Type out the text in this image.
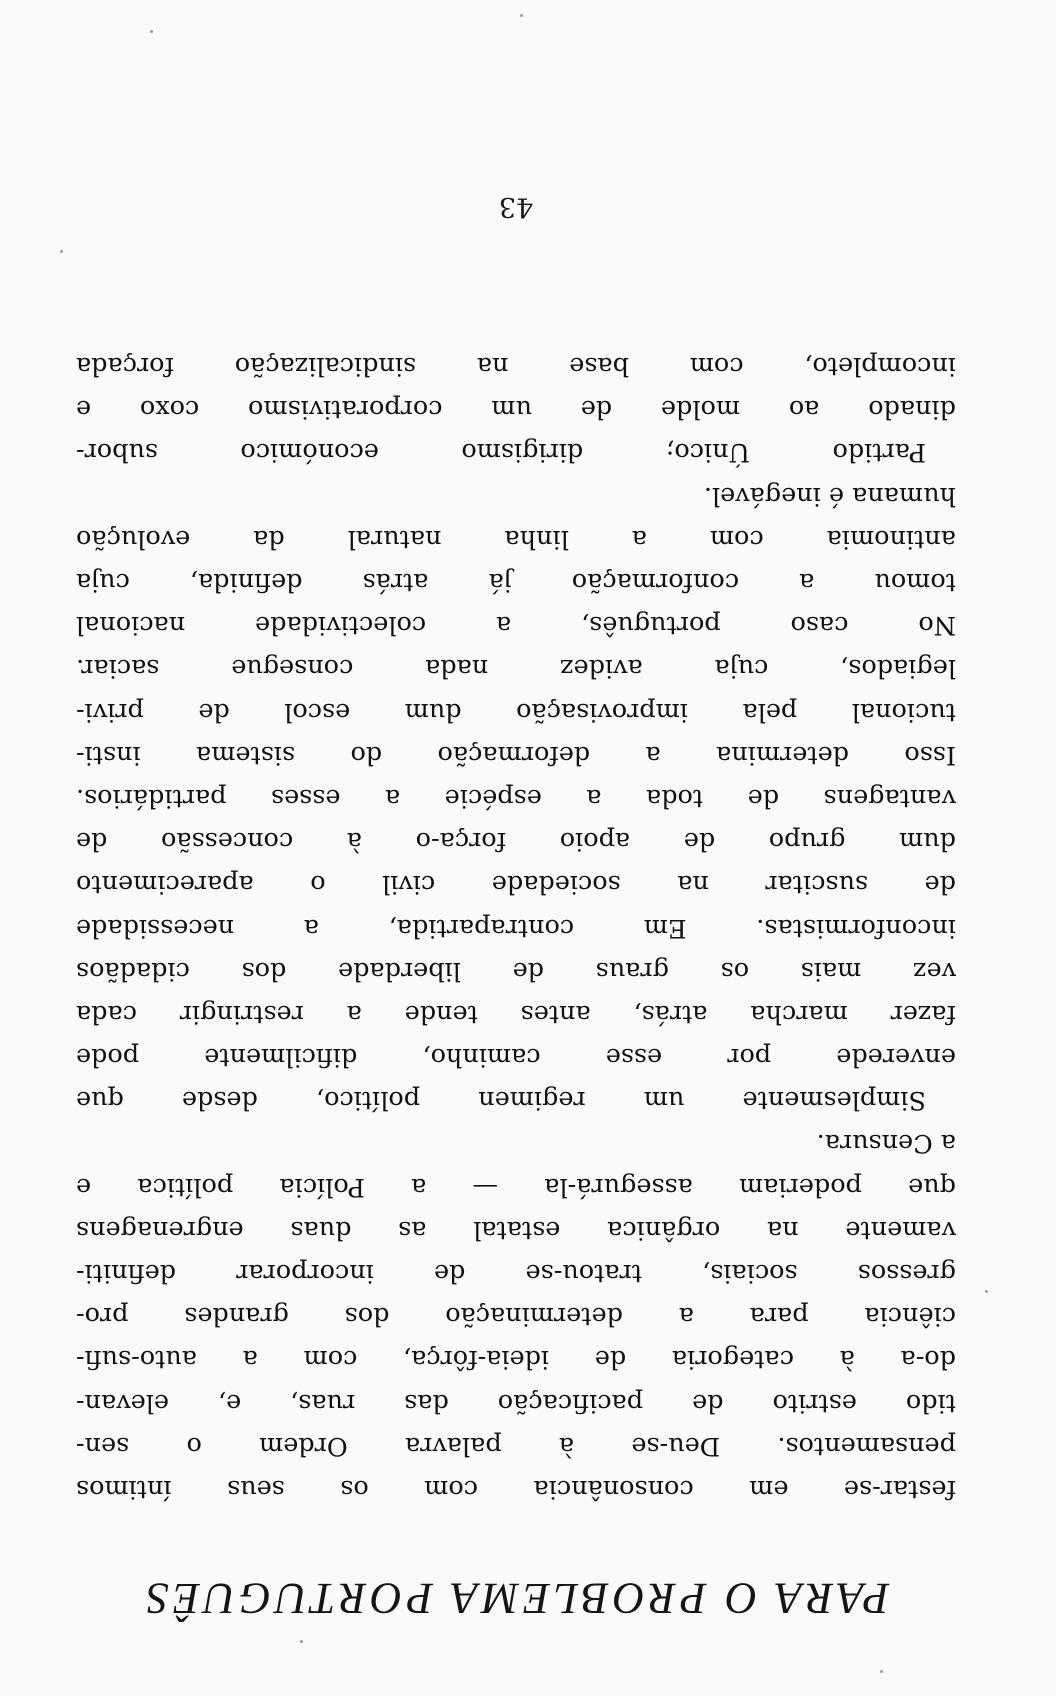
PARA O PROBLEMA PORTUGUÊS
festar-se em consonância com os seus íntimos
pensamentos. Deu-se à palavra Ordem o sen-
tido estrito de pacificação das ruas, e, elevan-
do-a à categoria de ideia-fôrça, com a auto-sufi-
ciência para a determinação dos grandes pro-
gressos sociais, tratou-se de incorporar definiti-
vamente na orgânica estatal as duas engrenagens
que poderiam assegurá-la — a Polícia política e
a Censura.
Simplesmente um regimen político, desde que
enverede por esse caminho, dificilmente pode
fazer marcha atrás, antes tende a restringir cada
vez mais os graus de liberdade dos cidadãos
inconformistas. Em contrapartida, a necessidade
de suscitar na sociedade civil o aparecimento
dum grupo de apoio força-o à concessão de
vantagens de toda a espécie a esses partidários.
Isso determina a deformação do sistema insti-
tucional pela improvisação dum escol de privi-
legiados, cuja avidez nada consegue saciar.
No caso português, a colectividade nacional
tomou a conformação já atrás definida, cuja
antinomia com a linha natural da evolução
humana é inegável.
Partido Único; dirigismo económico subor-
dinado ao molde de um corporativismo coxo e
incompleto, com base na sindicalização forçada
43
